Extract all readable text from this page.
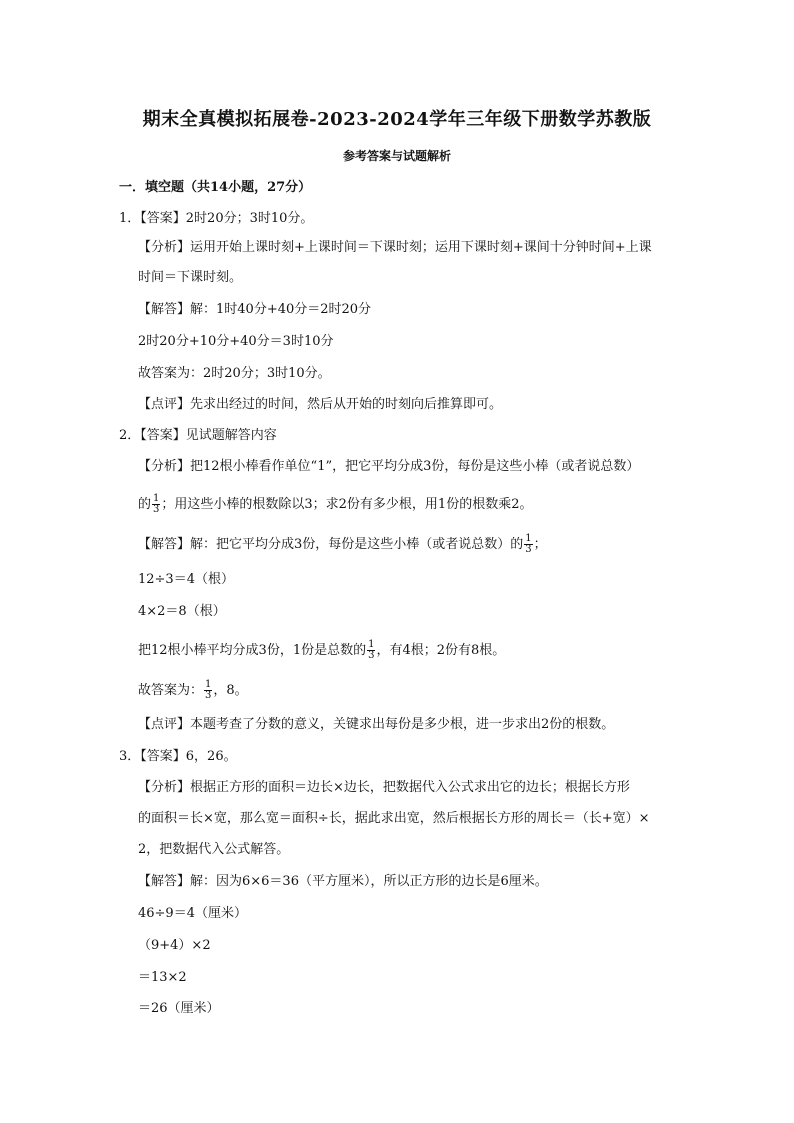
期末全真模拟拓展卷-2023-2024学年三年级下册数学苏教版
参考答案与试题解析
一．填空题（共14小题，27分）
1．【答案】2时20分；3时10分。
【分析】运用开始上课时刻+上课时间＝下课时刻；运用下课时刻+课间十分钟时间+上课
时间＝下课时刻。
【解答】解：1时40分+40分＝2时20分
2时20分+10分+40分＝3时10分
故答案为：2时20分；3时10分。
【点评】先求出经过的时间，然后从开始的时刻向后推算即可。
2．【答案】见试题解答内容
【分析】把12根小棒看作单位“1”，把它平均分成3份，每份是这些小棒（或者说总数）
的 $\frac{1}{3}$ ；用这些小棒的根数除以3；求2份有多少根，用1份的根数乘2。
【解答】解：把它平均分成3份，每份是这些小棒（或者说总数）的 $\frac{1}{3}$ ；
12÷3＝4（根）
4×2＝8（根）
把12根小棒平均分成3份，1份是总数的 $\frac{1}{3}$ ，有4根；2份有8根。
故答案为： $\frac{1}{3}$ ，8。
【点评】本题考查了分数的意义，关键求出每份是多少根，进一步求出2份的根数。
3．【答案】6，26。
【分析】根据正方形的面积＝边长×边长，把数据代入公式求出它的边长；根据长方形
的面积＝长×宽，那么宽＝面积÷长，据此求出宽，然后根据长方形的周长＝（长+宽）×
2，把数据代入公式解答。
【解答】解：因为6×6＝36（平方厘米），所以正方形的边长是6厘米。
46÷9＝4（厘米）
（9+4）×2
＝13×2
＝26（厘米）
